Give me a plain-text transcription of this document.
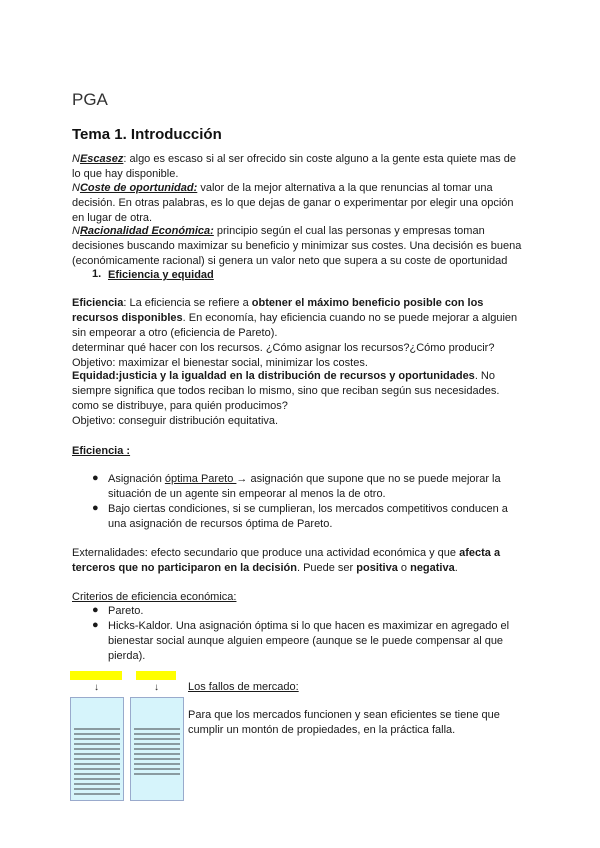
PGA
Tema 1. Introducción
NEscasez: algo es escaso si al ser ofrecido sin coste alguno a la gente esta quiete mas de
lo que hay disponible.
NCoste de oportunidad: valor de la mejor alternativa a la que renuncias al tomar una
decisión. En otras palabras, es lo que dejas de ganar o experimentar por elegir una opción
en lugar de otra.
NRacionalidad Económica: principio según el cual las personas y empresas toman
decisiones buscando maximizar su beneficio y minimizar sus costes. Una decisión es buena
(económicamente racional) si genera un valor neto que supera a su coste de oportunidad
1. Eficiencia y equidad
Eficiencia: La eficiencia se refiere a obtener el máximo beneficio posible con los
recursos disponibles. En economía, hay eficiencia cuando no se puede mejorar a alguien
sin empeorar a otro (eficiencia de Pareto).
determinar qué hacer con los recursos. ¿Cómo asignar los recursos?¿Cómo producir?
Objetivo: maximizar el bienestar social, minimizar los costes.
Equidad:justicia y la igualdad en la distribución de recursos y oportunidades. No
siempre significa que todos reciban lo mismo, sino que reciban según sus necesidades.
como se distribuye, para quién producimos?
Objetivo: conseguir distribución equitativa.
Eficiencia :
● Asignación óptima Pareto → asignación que supone que no se puede mejorar la
situación de un agente sin empeorar al menos la de otro.
● Bajo ciertas condiciones, si se cumplieran, los mercados competitivos conducen a
una asignación de recursos óptima de Pareto.
Externalidades: efecto secundario que produce una actividad económica y que afecta a
terceros que no participaron en la decisión. Puede ser positiva o negativa.
Criterios de eficiencia económica:
● Pareto.
● Hicks-Kaldor. Una asignación óptima si lo que hacen es maximizar en agregado el
bienestar social aunque alguien empeore (aunque se le puede compensar al que
pierda).
↓	↓	Los fallos de mercado:
Para que los mercados funcionen y sean eficientes se tiene que
cumplir un montón de propiedades, en la práctica falla.
